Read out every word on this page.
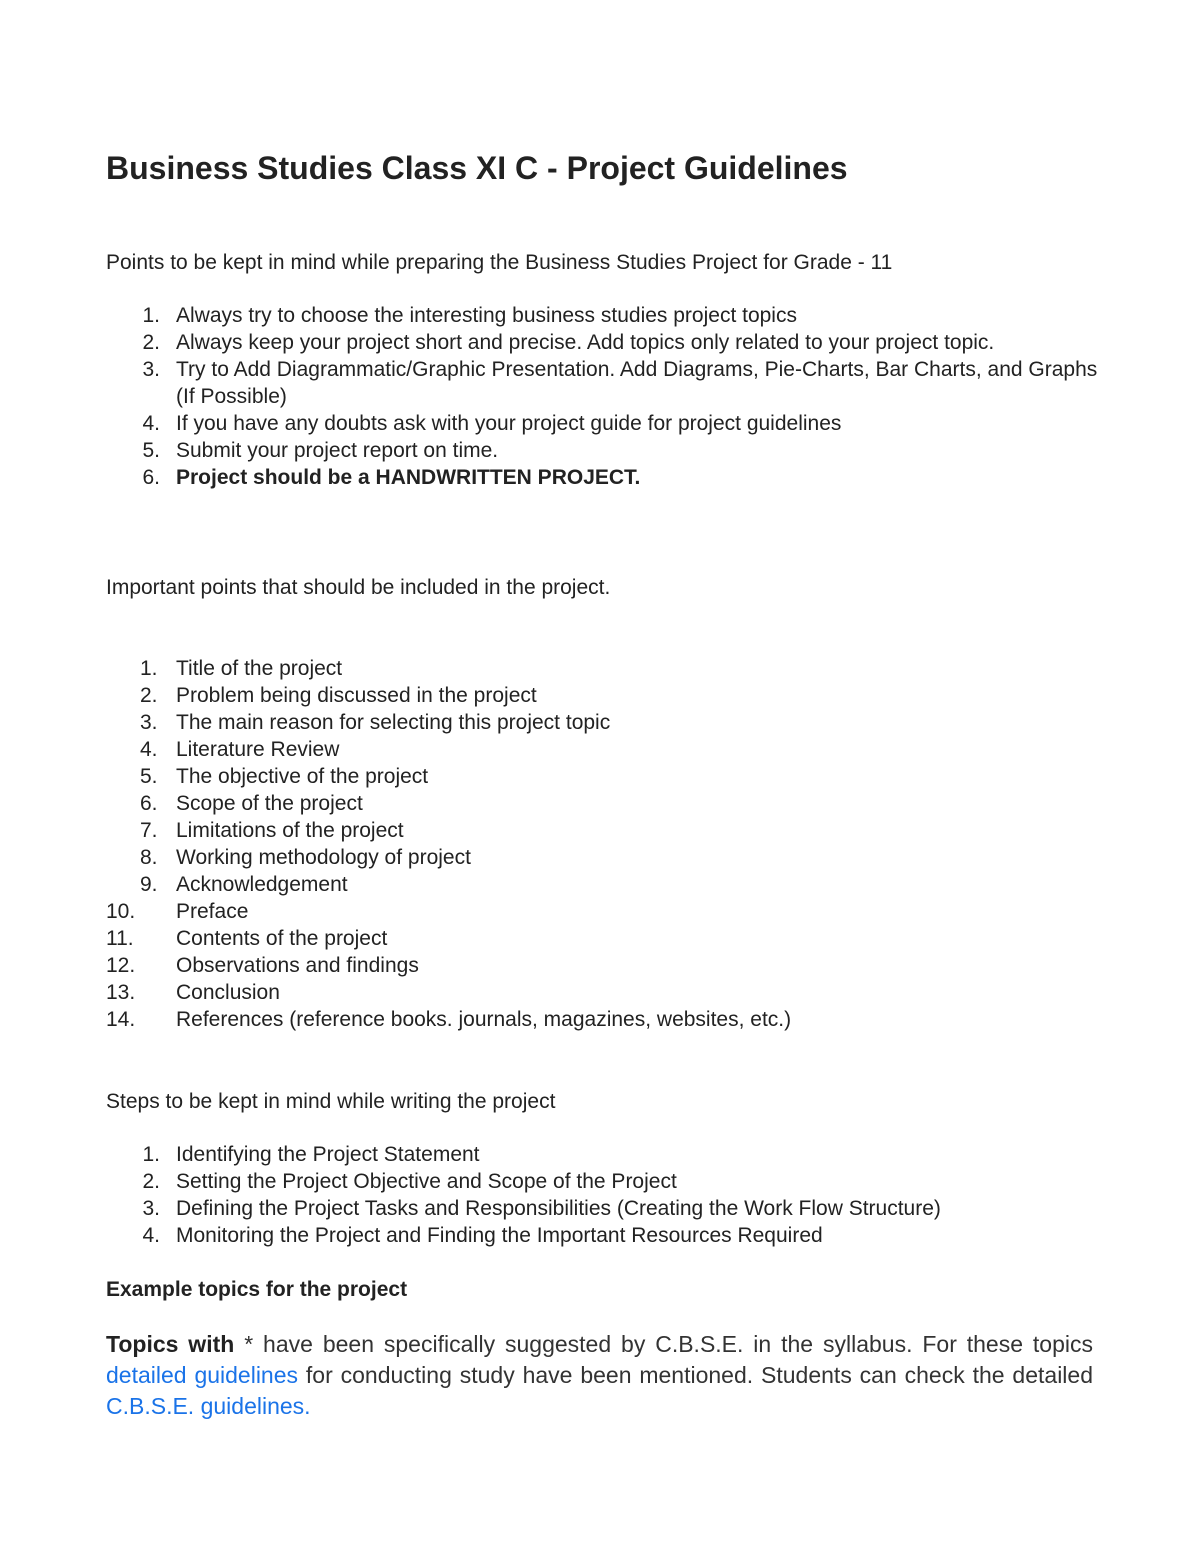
Business Studies Class XI C - Project Guidelines

Points to be kept in mind while preparing the Business Studies Project for Grade - 11

1. Always try to choose the interesting business studies project topics
2. Always keep your project short and precise. Add topics only related to your project topic.
3. Try to Add Diagrammatic/Graphic Presentation. Add Diagrams, Pie-Charts, Bar Charts, and Graphs (If Possible)
4. If you have any doubts ask with your project guide for project guidelines
5. Submit your project report on time.
6. Project should be a HANDWRITTEN PROJECT.

Important points that should be included in the project.

1. Title of the project
2. Problem being discussed in the project
3. The main reason for selecting this project topic
4. Literature Review
5. The objective of the project
6. Scope of the project
7. Limitations of the project
8. Working methodology of project
9. Acknowledgement
10. Preface
11. Contents of the project
12. Observations and findings
13. Conclusion
14. References (reference books. journals, magazines, websites, etc.)

Steps to be kept in mind while writing the project

1. Identifying the Project Statement
2. Setting the Project Objective and Scope of the Project
3. Defining the Project Tasks and Responsibilities (Creating the Work Flow Structure)
4. Monitoring the Project and Finding the Important Resources Required

Example topics for the project

Topics with * have been specifically suggested by C.B.S.E. in the syllabus. For these topics detailed guidelines for conducting study have been mentioned. Students can check the detailed C.B.S.E. guidelines.
